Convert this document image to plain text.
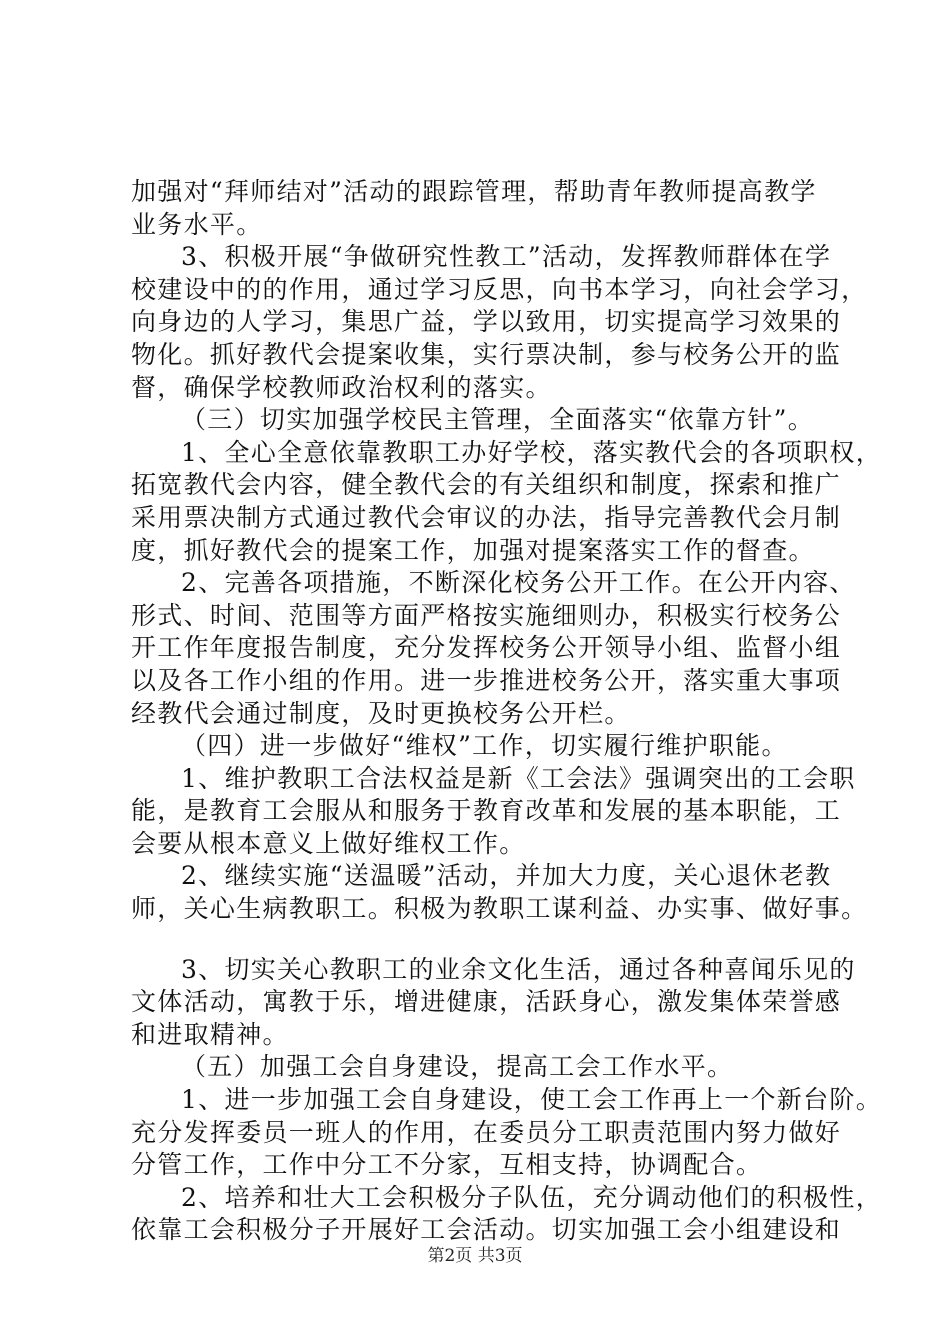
加强对“拜师结对”活动的跟踪管理，帮助青年教师提高教学
业务水平。
3、积极开展“争做研究性教工”活动，发挥教师群体在学
校建设中的的作用，通过学习反思，向书本学习，向社会学习，
向身边的人学习，集思广益，学以致用，切实提高学习效果的
物化。抓好教代会提案收集，实行票决制，参与校务公开的监
督，确保学校教师政治权利的落实。
（三）切实加强学校民主管理，全面落实“依靠方针”。
1、全心全意依靠教职工办好学校，落实教代会的各项职权，
拓宽教代会内容，健全教代会的有关组织和制度，探索和推广
采用票决制方式通过教代会审议的办法，指导完善教代会月制
度，抓好教代会的提案工作，加强对提案落实工作的督查。
2、完善各项措施，不断深化校务公开工作。在公开内容、
形式、时间、范围等方面严格按实施细则办，积极实行校务公
开工作年度报告制度，充分发挥校务公开领导小组、监督小组
以及各工作小组的作用。进一步推进校务公开，落实重大事项
经教代会通过制度，及时更换校务公开栏。
（四）进一步做好“维权”工作，切实履行维护职能。
1、维护教职工合法权益是新《工会法》强调突出的工会职
能，是教育工会服从和服务于教育改革和发展的基本职能，工
会要从根本意义上做好维权工作。
2、继续实施“送温暖”活动，并加大力度，关心退休老教
师，关心生病教职工。积极为教职工谋利益、办实事、做好事。
3、切实关心教职工的业余文化生活，通过各种喜闻乐见的
文体活动，寓教于乐，增进健康，活跃身心，激发集体荣誉感
和进取精神。
（五）加强工会自身建设，提高工会工作水平。
1、进一步加强工会自身建设，使工会工作再上一个新台阶。
充分发挥委员一班人的作用，在委员分工职责范围内努力做好
分管工作，工作中分工不分家，互相支持，协调配合。
2、培养和壮大工会积极分子队伍，充分调动他们的积极性，
依靠工会积极分子开展好工会活动。切实加强工会小组建设和
第2页 共3页
